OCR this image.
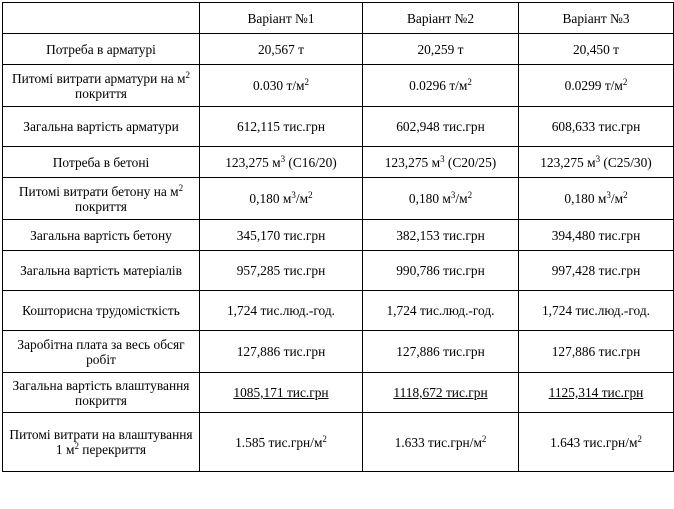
	Варіант №1	Варіант №2	Варіант №3
Потреба в арматурі	20,567 т	20,259 т	20,450 т
Питомі витрати арматури на $м^2$ покриття	0.030 $т/м^2$	0.0296 $т/м^2$	0.0299 $т/м^2$
Загальна вартість арматури	612,115 тис.грн	602,948 тис.грн	608,633 тис.грн
Потреба в бетоні	123,275 $м^3$ (С16/20)	123,275 $м^3$ (С20/25)	123,275 $м^3$ (С25/30)
Питомі витрати бетону на $м^2$ покриття	0,180 $м^3/м^2$	0,180 $м^3/м^2$	0,180 $м^3/м^2$
Загальна вартість бетону	345,170 тис.грн	382,153 тис.грн	394,480 тис.грн
Загальна вартість матеріалів	957,285 тис.грн	990,786 тис.грн	997,428 тис.грн
Кошторисна трудомісткість	1,724 тис.люд.-год.	1,724 тис.люд.-год.	1,724 тис.люд.-год.
Заробітна плата за весь обсяг робіт	127,886 тис.грн	127,886 тис.грн	127,886 тис.грн
Загальна вартість влаштування покриття	1085,171 тис.грн	1118,672 тис.грн	1125,314 тис.грн
Питомі витрати на влаштування 1 $м^2$ перекриття	1.585 $тис.грн/м^2$	1.633 $тис.грн/м^2$	1.643 $тис.грн/м^2$
